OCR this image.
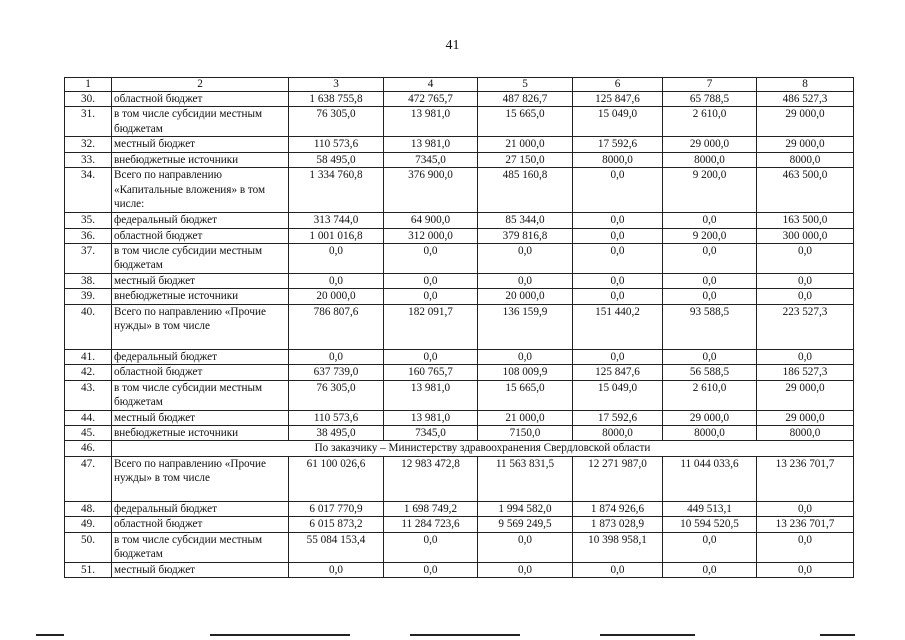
41
1	2	3	4	5	6	7	8
30.	областной бюджет	1 638 755,8	472 765,7	487 826,7	125 847,6	65 788,5	486 527,3
31.	в том числе субсидии местным бюджетам	76 305,0	13 981,0	15 665,0	15 049,0	2 610,0	29 000,0
32.	местный бюджет	110 573,6	13 981,0	21 000,0	17 592,6	29 000,0	29 000,0
33.	внебюджетные источники	58 495,0	7345,0	27 150,0	8000,0	8000,0	8000,0
34.	Всего по направлению «Капитальные вложения» в том числе:	1 334 760,8	376 900,0	485 160,8	0,0	9 200,0	463 500,0
35.	федеральный бюджет	313 744,0	64 900,0	85 344,0	0,0	0,0	163 500,0
36.	областной бюджет	1 001 016,8	312 000,0	379 816,8	0,0	9 200,0	300 000,0
37.	в том числе субсидии местным бюджетам	0,0	0,0	0,0	0,0	0,0	0,0
38.	местный бюджет	0,0	0,0	0,0	0,0	0,0	0,0
39.	внебюджетные источники	20 000,0	0,0	20 000,0	0,0	0,0	0,0
40.	Всего по направлению «Прочие нужды» в том числе	786 807,6	182 091,7	136 159,9	151 440,2	93 588,5	223 527,3
41.	федеральный бюджет	0,0	0,0	0,0	0,0	0,0	0,0
42.	областной бюджет	637 739,0	160 765,7	108 009,9	125 847,6	56 588,5	186 527,3
43.	в том числе субсидии местным бюджетам	76 305,0	13 981,0	15 665,0	15 049,0	2 610,0	29 000,0
44.	местный бюджет	110 573,6	13 981,0	21 000,0	17 592,6	29 000,0	29 000,0
45.	внебюджетные источники	38 495,0	7345,0	7150,0	8000,0	8000,0	8000,0
46.	По заказчику – Министерству здравоохранения Свердловской области						
47.	Всего по направлению «Прочие нужды» в том числе	61 100 026,6	12 983 472,8	11 563 831,5	12 271 987,0	11 044 033,6	13 236 701,7
48.	федеральный бюджет	6 017 770,9	1 698 749,2	1 994 582,0	1 874 926,6	449 513,1	0,0
49.	областной бюджет	6 015 873,2	11 284 723,6	9 569 249,5	1 873 028,9	10 594 520,5	13 236 701,7
50.	в том числе субсидии местным бюджетам	55 084 153,4	0,0	0,0	10 398 958,1	0,0	0,0
51.	местный бюджет	0,0	0,0	0,0	0,0	0,0	0,0
